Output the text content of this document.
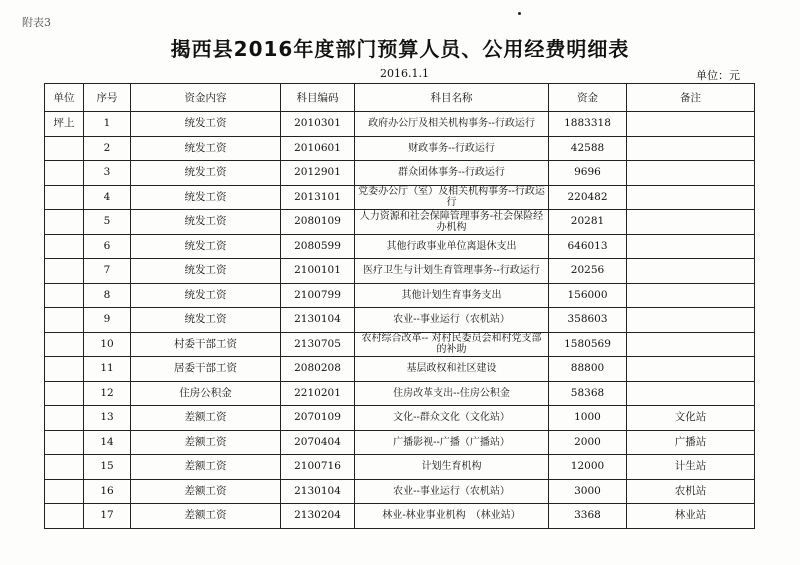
附表3
揭西县2016年度部门预算人员、公用经费明细表
2016.1.1	单位：元
单位	序号	资金内容	科目编码	科目名称	资金	备注
坪上	1	统发工资	2010301	政府办公厅及相关机构事务--行政运行	1883318	
	2	统发工资	2010601	财政事务--行政运行	42588	
	3	统发工资	2012901	群众团体事务--行政运行	9696	
	4	统发工资	2013101	党委办公厅（室）及相关机构事务--行政运行	220482	
	5	统发工资	2080109	人力资源和社会保障管理事务-社会保险经办机构	20281	
	6	统发工资	2080599	其他行政事业单位离退休支出	646013	
	7	统发工资	2100101	医疗卫生与计划生育管理事务--行政运行	20256	
	8	统发工资	2100799	其他计划生育事务支出	156000	
	9	统发工资	2130104	农业--事业运行（农机站）	358603	
	10	村委干部工资	2130705	农村综合改革-- 对村民委员会和村党支部的补助	1580569	
	11	居委干部工资	2080208	基层政权和社区建设	88800	
	12	住房公积金	2210201	住房改革支出--住房公积金	58368	
	13	差额工资	2070109	文化--群众文化（文化站）	1000	文化站
	14	差额工资	2070404	广播影视--广播（广播站）	2000	广播站
	15	差额工资	2100716	计划生育机构	12000	计生站
	16	差额工资	2130104	农业--事业运行（农机站）	3000	农机站
	17	差额工资	2130204	林业-林业事业机构　（林业站）	3368	林业站
